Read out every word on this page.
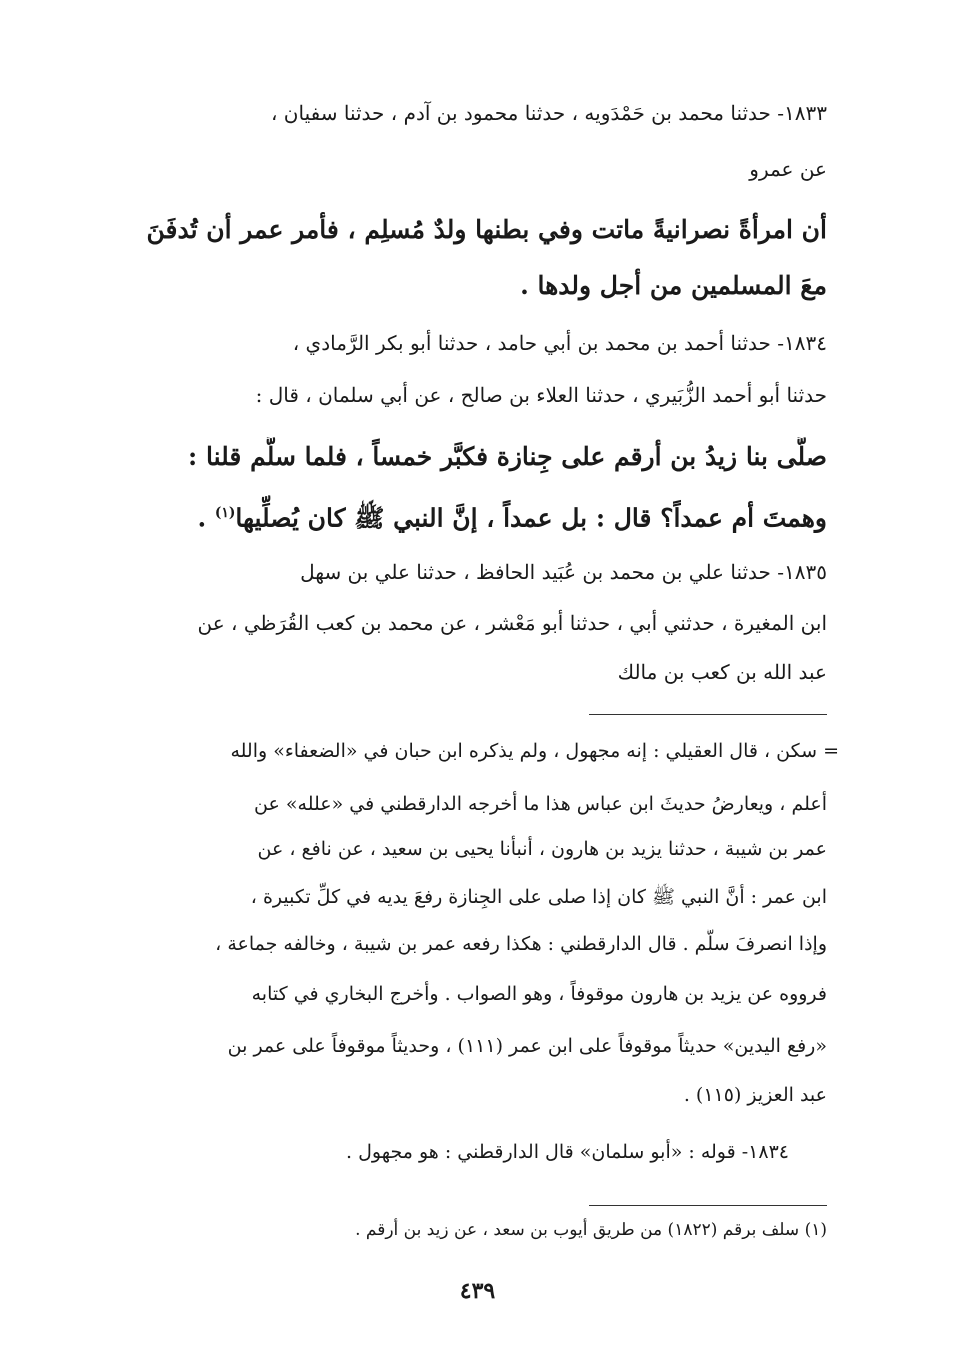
١٨٣٣- حدثنا محمد بن حَمْدَويه ، حدثنا محمود بن آدم ، حدثنا سفيان ،
عن عمرو
أن امرأةً نصرانيةً ماتت وفي بطنها ولدٌ مُسلِم ، فأمر عمر أن تُدفَنَ
معَ المسلمين من أجل ولدها .
١٨٣٤- حدثنا أحمد بن محمد بن أبي حامد ، حدثنا أبو بكر الرَّمادي ،
حدثنا أبو أحمد الزُّبَيري ، حدثنا العلاء بن صالح ، عن أبي سلمان ، قال :
صلَّى بنا زيدُ بن أرقم على جِنازة فكبَّر خمساً ، فلما سلَّم قلنا :
وهمتَ أم عمداً؟ قال : بل عمداً ، إنَّ النبي ﷺ كان يُصلِّيها$^{(١)}$ .
١٨٣٥- حدثنا علي بن محمد بن عُبَيد الحافظ ، حدثنا علي بن سهل
ابن المغيرة ، حدثني أبي ، حدثنا أبو مَعْشر ، عن محمد بن كعب القُرَظي ، عن
عبد الله بن كعب بن مالك
= سكن ، قال العقيلي : إنه مجهول ، ولم يذكره ابن حبان في «الضعفاء» والله
أعلم ، ويعارضُ حديثَ ابن عباس هذا ما أخرجه الدارقطني في «علله» عن
عمر بن شيبة ، حدثنا يزيد بن هارون ، أنبأنا يحيى بن سعيد ، عن نافع ، عن
ابن عمر : أنَّ النبي ﷺ كان إذا صلى على الجِنازة رفعَ يديه في كلِّ تكبيرة ،
وإذا انصرفَ سلَّم . قال الدارقطني : هكذا رفعه عمر بن شيبة ، وخالفه جماعة ،
فرووه عن يزيد بن هارون موقوفاً ، وهو الصواب . وأخرج البخاري في كتابه
«رفع اليدين» حديثاً موقوفاً على ابن عمر (١١١) ، وحديثاً موقوفاً على عمر بن
عبد العزيز (١١٥) .
١٨٣٤- قوله : «أبو سلمان» قال الدارقطني : هو مجهول .
(١) سلف برقم (١٨٢٢) من طريق أيوب بن سعد ، عن زيد بن أرقم .
٤٣٩
